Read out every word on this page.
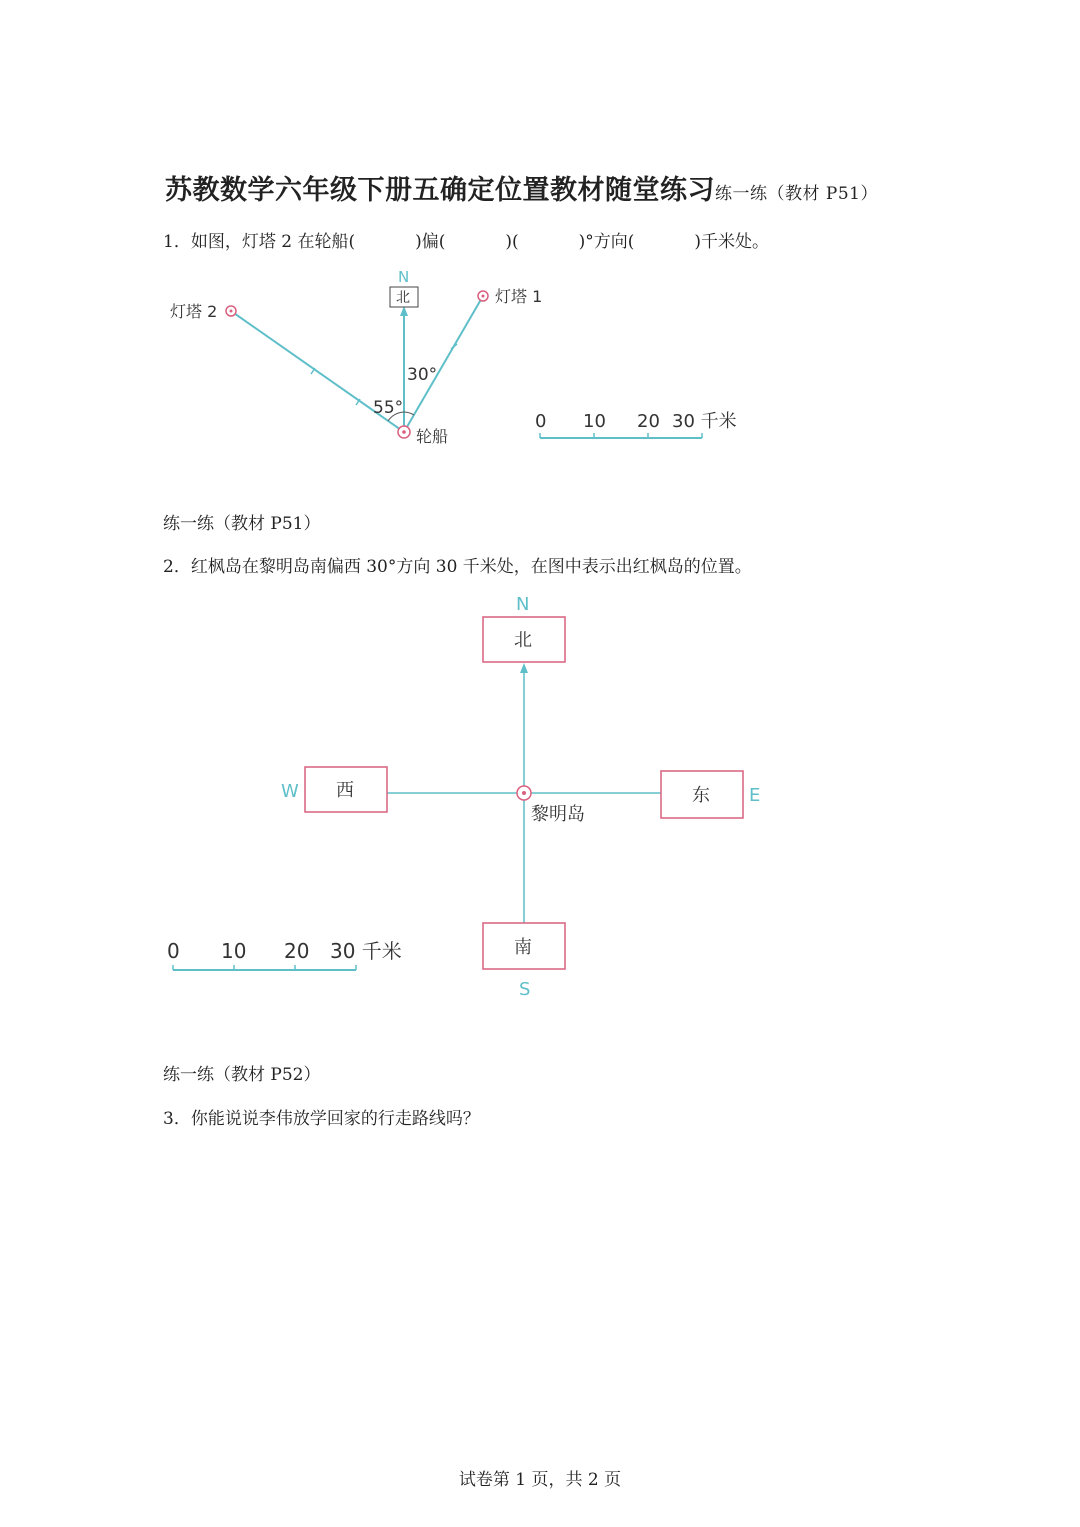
苏教数学六年级下册五确定位置教材随堂练习练一练（教材 P51）
1．如图，灯塔 2 在轮船(	)偏(	)(	)°方向(	)千米处。
N
北	灯塔 1
灯塔 2
轮船
30°
55°
0 10 20 30 千米
练一练（教材 P51）
2．红枫岛在黎明岛南偏西 30°方向 30 千米处，在图中表示出红枫岛的位置。
北
N
西
W	东 E
南
S
黎明岛
0 10 20 30 千米
练一练（教材 P52）
3．你能说说李伟放学回家的行走路线吗？
试卷第 1 页，共 2 页
